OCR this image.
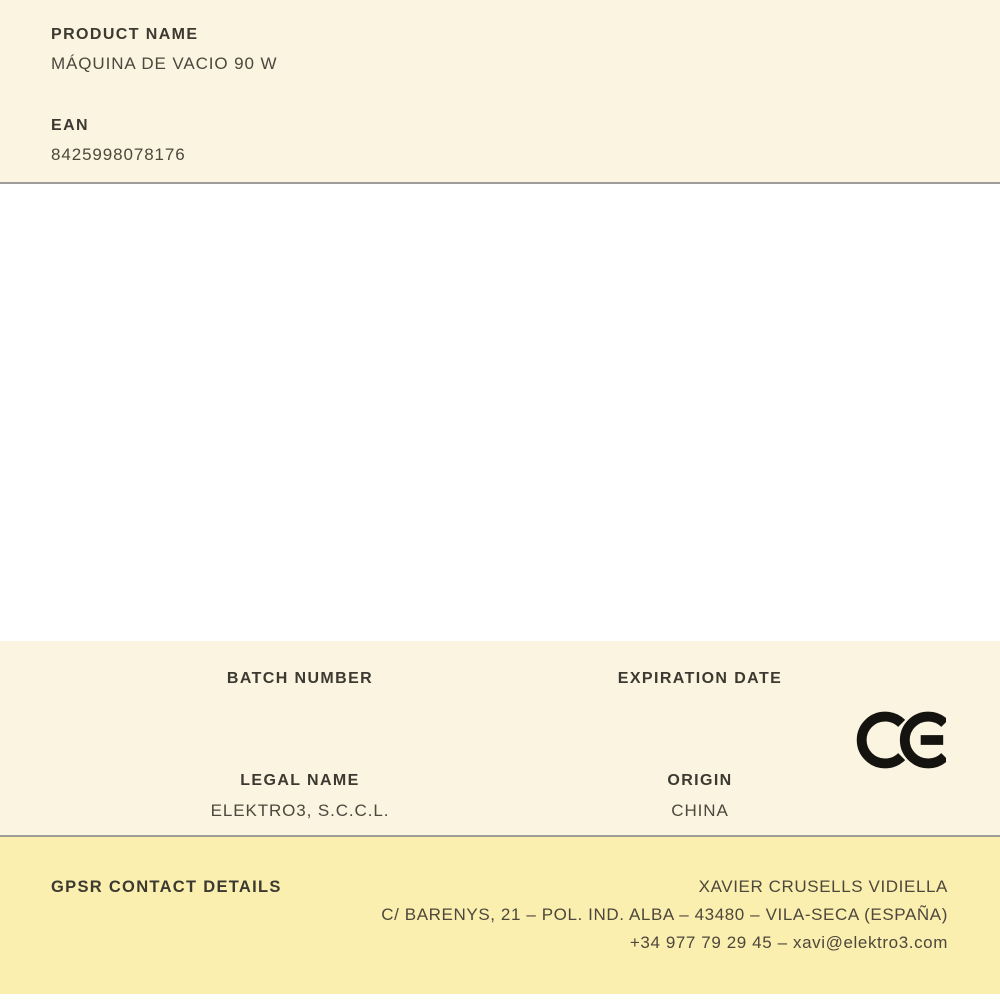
PRODUCT NAME
MÁQUINA DE VACIO 90 W
EAN
8425998078176
BATCH NUMBER	EXPIRATION DATE
LEGAL NAME
ELEKTRO3, S.C.C.L.
ORIGIN
CHINA
GPSR CONTACT DETAILS	XAVIER CRUSELLS VIDIELLA
C/ BARENYS, 21 – POL. IND. ALBA – 43480 – VILA-SECA (ESPAÑA)
+34 977 79 29 45 – xavi@elektro3.com
